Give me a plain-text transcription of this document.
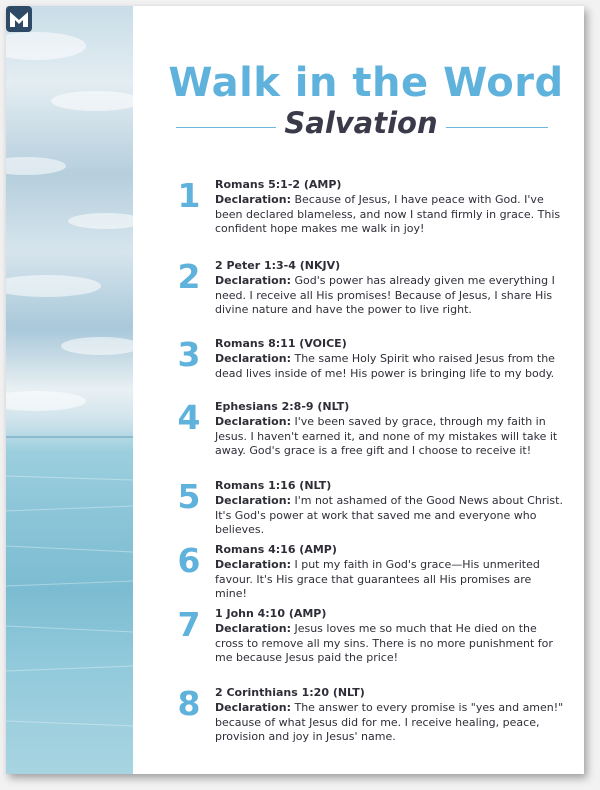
Walk in the Word
Salvation
1	Romans 5:1-2 (AMP)
Declaration: Because of Jesus, I have peace with God. I've been declared blameless, and now I stand firmly in grace. This confident hope makes me walk in joy!
2	2 Peter 1:3-4 (NKJV)
Declaration: God's power has already given me everything I need. I receive all His promises! Because of Jesus, I share His divine nature and have the power to live right.
3	Romans 8:11 (VOICE)
Declaration: The same Holy Spirit who raised Jesus from the dead lives inside of me! His power is bringing life to my body.
4	Ephesians 2:8-9 (NLT)
Declaration: I've been saved by grace, through my faith in Jesus. I haven't earned it, and none of my mistakes will take it away. God's grace is a free gift and I choose to receive it!
5	Romans 1:16 (NLT)
Declaration: I'm not ashamed of the Good News about Christ. It's God's power at work that saved me and everyone who believes.
6	Romans 4:16 (AMP)
Declaration: I put my faith in God's grace—His unmerited favour. It's His grace that guarantees all His promises are mine!
7	1 John 4:10 (AMP)
Declaration: Jesus loves me so much that He died on the cross to remove all my sins. There is no more punishment for me because Jesus paid the price!
8	2 Corinthians 1:20 (NLT)
Declaration: The answer to every promise is "yes and amen!" because of what Jesus did for me. I receive healing, peace, provision and joy in Jesus' name.
